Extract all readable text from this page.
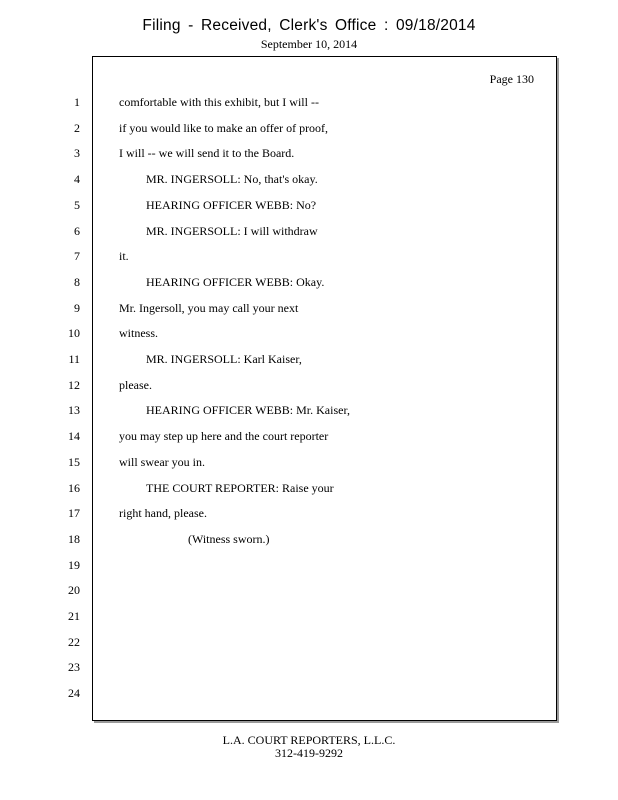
Filing - Received, Clerk's Office : 09/18/2014
September 10, 2014
Page 130
1	comfortable with this exhibit, but I will --
2	if you would like to make an offer of proof,
3	I will -- we will send it to the Board.
4	MR. INGERSOLL: No, that's okay.
5	HEARING OFFICER WEBB: No?
6	MR. INGERSOLL: I will withdraw
7	it.
8	HEARING OFFICER WEBB: Okay.
9	Mr. Ingersoll, you may call your next
10	witness.
11	MR. INGERSOLL: Karl Kaiser,
12	please.
13	HEARING OFFICER WEBB: Mr. Kaiser,
14	you may step up here and the court reporter
15	will swear you in.
16	THE COURT REPORTER: Raise your
17	right hand, please.
18	(Witness sworn.)
19
20
21
22
23
24
L.A. COURT REPORTERS, L.L.C.
312-419-9292
